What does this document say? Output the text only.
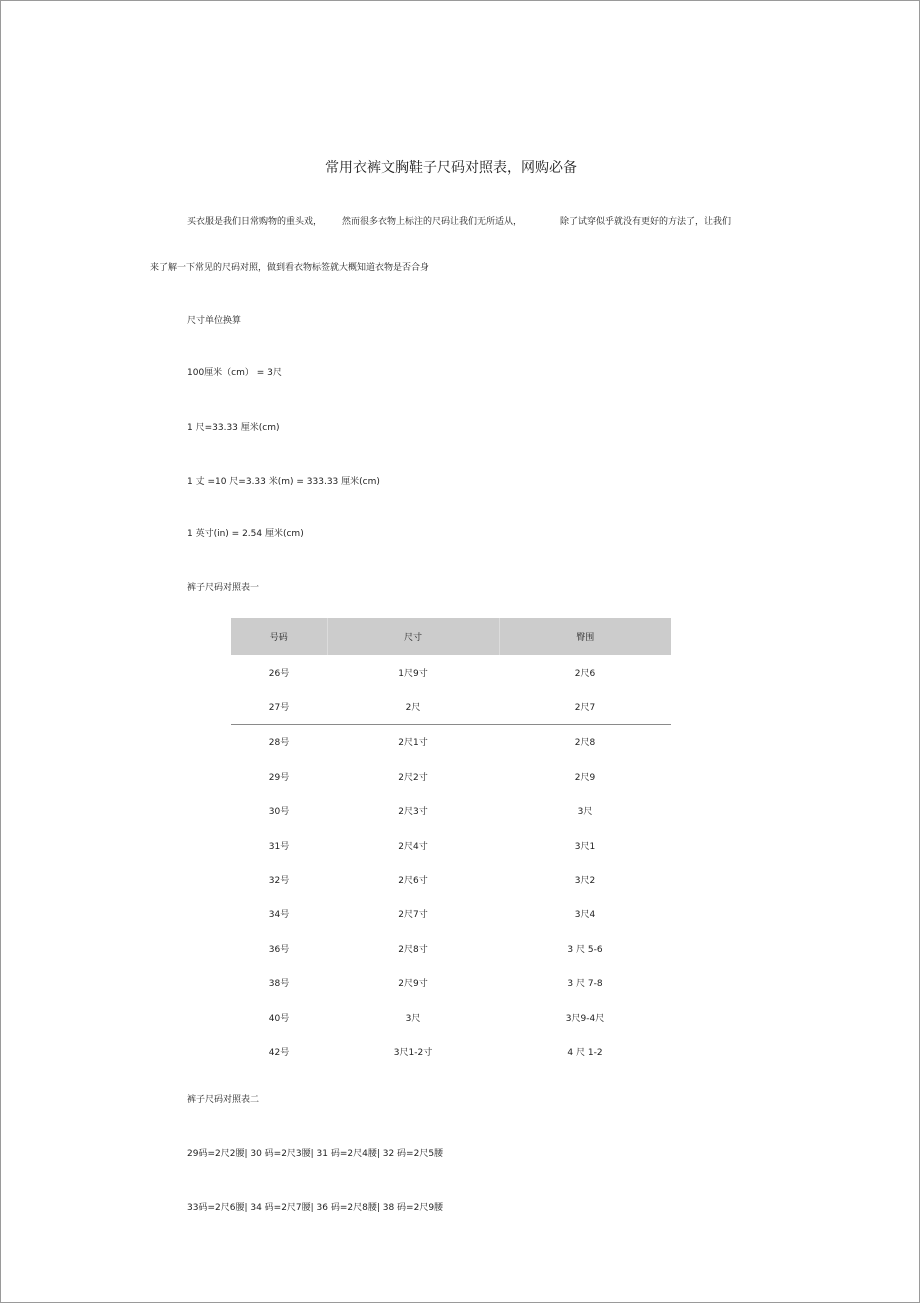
常用衣裤文胸鞋子尺码对照表，网购必备
买衣服是我们日常购物的重头戏， 然而很多衣物上标注的尺码让我们无所适从，	除了试穿似乎就没有更好的方法了，让我们

来了解一下常见的尺码对照，做到看衣物标签就大概知道衣物是否合身

尺寸单位换算

100厘米（cm） = 3尺

1 尺=33.33 厘米(cm)

1 丈 =10 尺=3.33 米(m) = 333.33 厘米(cm)

1 英寸(in) = 2.54 厘米(cm)

裤子尺码对照表一

号码	尺寸	臀围
26号	1尺9寸	2尺6
27号	2尺	2尺7
28号	2尺1寸	2尺8
29号	2尺2寸	2尺9
30号	2尺3寸	3尺
31号	2尺4寸	3尺1
32号	2尺6寸	3尺2
34号	2尺7寸	3尺4
36号	2尺8寸	3 尺 5-6
38号	2尺9寸	3 尺 7-8
40号	3尺	3尺9-4尺
42号	3尺1-2寸	4 尺 1-2

裤子尺码对照表二

29码=2尺2腰| 30 码=2尺3腰| 31 码=2尺4腰| 32 码=2尺5腰

33码=2尺6腰| 34 码=2尺7腰| 36 码=2尺8腰| 38 码=2尺9腰
